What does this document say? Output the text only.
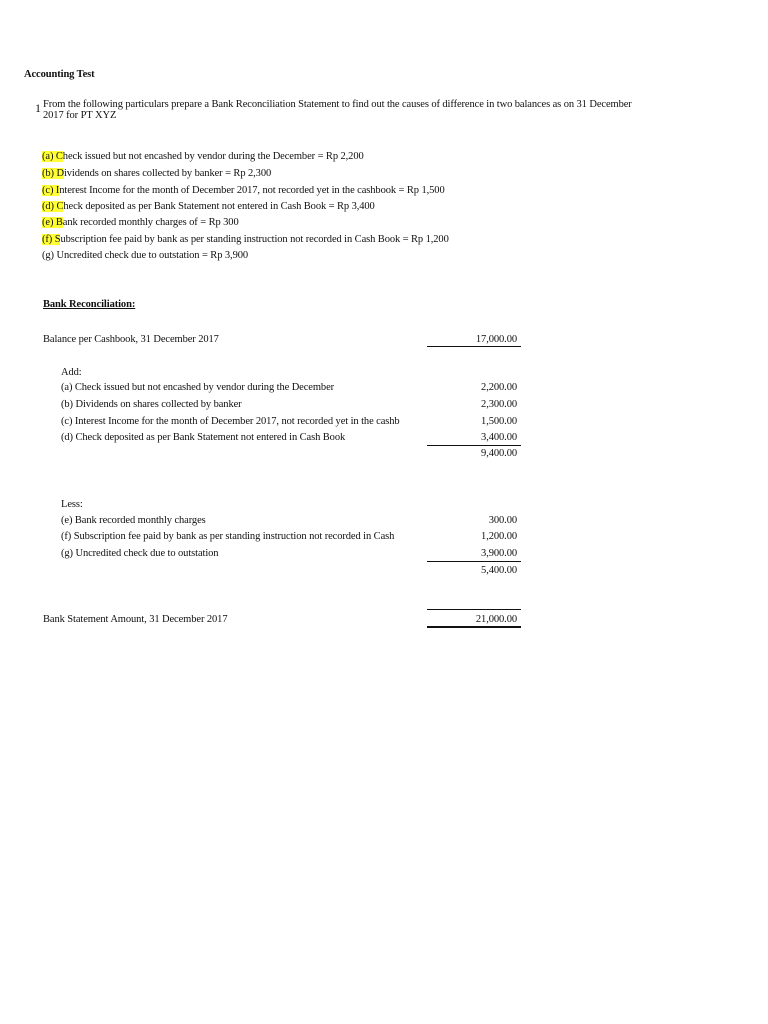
Accounting Test
1 From the following particulars prepare a Bank Reconciliation Statement to find out the causes of difference in two balances as on 31 December 2017 for PT XYZ
(a) Check issued but not encashed by vendor during the December = Rp 2,200
(b) Dividends on shares collected by banker = Rp 2,300
(c) Interest Income for the month of December 2017, not recorded yet in the cashbook = Rp 1,500
(d) Check deposited as per Bank Statement not entered in Cash Book = Rp 3,400
(e) Bank recorded monthly charges of = Rp 300
(f) Subscription fee paid by bank as per standing instruction not recorded in Cash Book = Rp 1,200
(g) Uncredited check due to outstation = Rp 3,900
Bank Reconciliation:
Balance per Cashbook, 31 December 2017	17,000.00
Add:
(a) Check issued but not encashed by vendor during the December	2,200.00
(b) Dividends on shares collected by banker	2,300.00
(c) Interest Income for the month of December 2017, not recorded yet in the cashb	1,500.00
(d) Check deposited as per Bank Statement not entered in Cash Book	3,400.00
9,400.00
Less:
(e) Bank recorded monthly charges	300.00
(f) Subscription fee paid by bank as per standing instruction not recorded in Cash	1,200.00
(g) Uncredited check due to outstation	3,900.00
5,400.00
Bank Statement Amount, 31 December 2017	21,000.00
